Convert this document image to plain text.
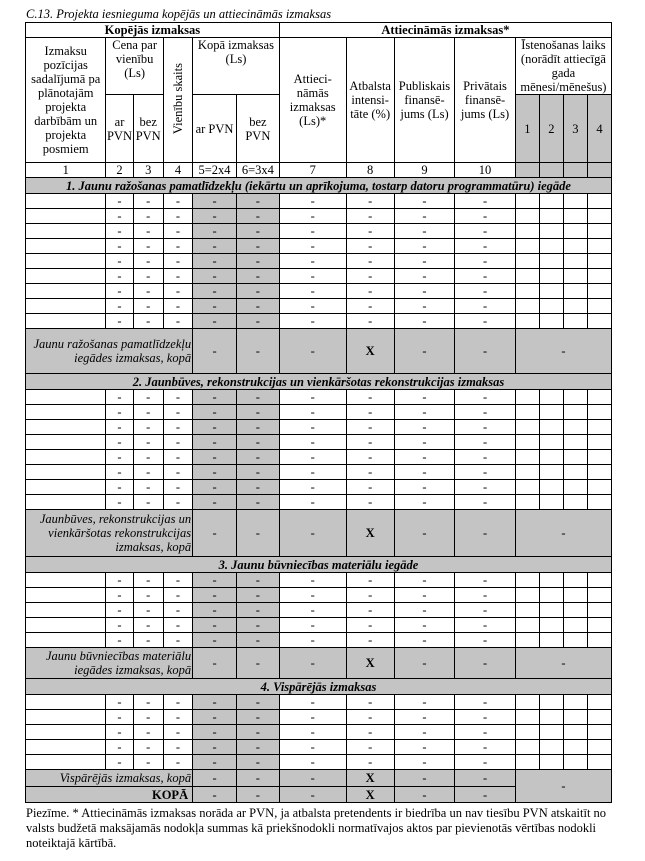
C.13. Projekta iesnieguma kopējās un attiecināmās izmaksas
Kopējās izmaksas						Attiecināmās izmaksas*							
Izmaksu pozīcijas sadalījumā pa plānotajām projekta darbībām un projekta posmiem	Cena par vienību (Ls)		Vienību skaits	Kopā izmaksas (Ls)		Attieci-nāmās izmaksas (Ls)*	Atbalsta intensi-tāte (%)	Publiskais finansē-jums (Ls)	Privātais finansē-jums (Ls)	Īstenošanas laiks (norādīt attiecīgā gada mēnesi/mēnešus)			
										1	2	3	4
	ar PVN	bez PVN		ar PVN	bez PVN								
1	2	3	4	5=2x4	6=3x4	7	8	9	10				
1. Jaunu ražošanas pamatlīdzekļu (iekārtu un aprīkojuma, tostarp datoru programmatūru) iegāde													
	-	-	-	-	-	-	-	-	-				
	-	-	-	-	-	-	-	-	-				
	-	-	-	-	-	-	-	-	-				
	-	-	-	-	-	-	-	-	-				
	-	-	-	-	-	-	-	-	-				
	-	-	-	-	-	-	-	-	-				
	-	-	-	-	-	-	-	-	-				
	-	-	-	-	-	-	-	-	-				
	-	-	-	-	-	-	-	-	-				
Jaunu ražošanas pamatlīdzekļu iegādes izmaksas, kopā				-	-	-	X	-	-	-			
2. Jaunbūves, rekonstrukcijas un vienkāršotas rekonstrukcijas izmaksas													
	-	-	-	-	-	-	-	-	-				
	-	-	-	-	-	-	-	-	-				
	-	-	-	-	-	-	-	-	-				
	-	-	-	-	-	-	-	-	-				
	-	-	-	-	-	-	-	-	-				
	-	-	-	-	-	-	-	-	-				
	-	-	-	-	-	-	-	-	-				
	-	-	-	-	-	-	-	-	-				
Jaunbūves, rekonstrukcijas un vienkāršotas rekonstrukcijas izmaksas, kopā				-	-	-	X	-	-	-			
3. Jaunu būvniecības materiālu iegāde													
	-	-	-	-	-	-	-	-	-				
	-	-	-	-	-	-	-	-	-				
	-	-	-	-	-	-	-	-	-				
	-	-	-	-	-	-	-	-	-				
	-	-	-	-	-	-	-	-	-				
Jaunu būvniecības materiālu iegādes izmaksas, kopā				-	-	-	X	-	-	-			
4. Vispārējās izmaksas													
	-	-	-	-	-	-	-	-	-				
	-	-	-	-	-	-	-	-	-				
	-	-	-	-	-	-	-	-	-				
	-	-	-	-	-	-	-	-	-				
	-	-	-	-	-	-	-	-	-				
Vispārējās izmaksas, kopā				-	-	-	X	-	-	-			
KOPĀ				-	-	-	X	-	-				
Piezīme. * Attiecināmās izmaksas norāda ar PVN, ja atbalsta pretendents ir biedrība un nav tiesību PVN atskaitīt no valsts budžetā maksājamās nodokļa summas kā priekšnodokli normatīvajos aktos par pievienotās vērtības nodokli noteiktajā kārtībā.
